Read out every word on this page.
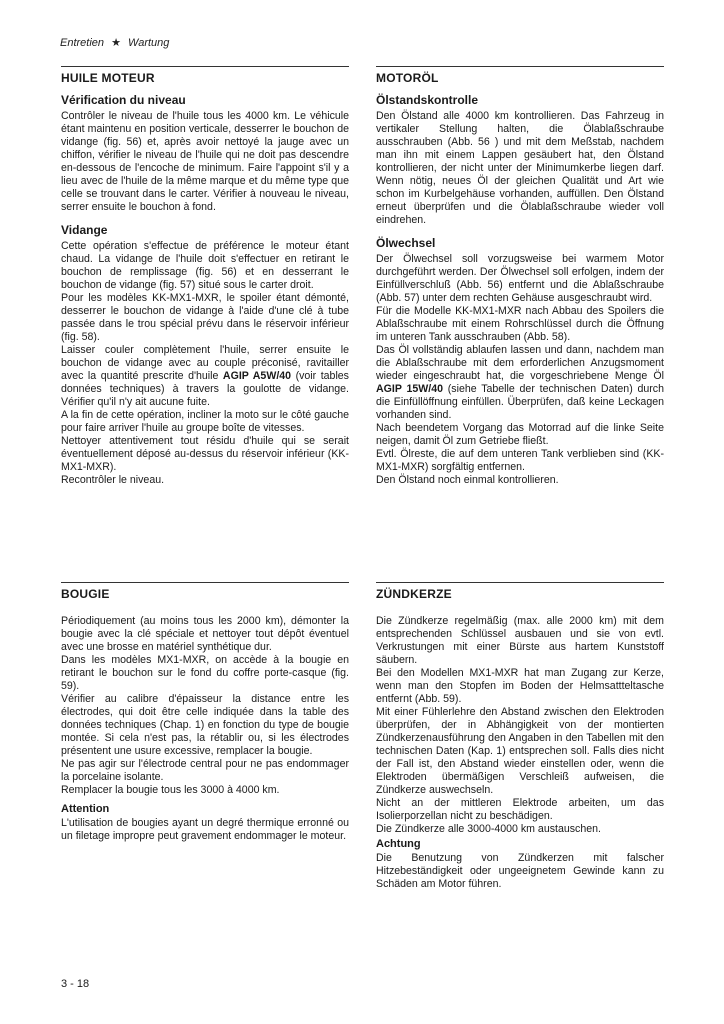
Entretien ★ Wartung
HUILE MOTEUR
Vérification du niveau

Contrôler le niveau de l'huile tous les 4000 km. Le véhicule étant maintenu en position verticale, desserrer le bouchon de vidange (fig. 56) et, après avoir nettoyé la jauge avec un chiffon, vérifier le niveau de l'huile qui ne doit pas descendre en-dessous de l'encoche de minimum. Faire l'appoint s'il y a lieu avec de l'huile de la même marque et du même type que celle se trouvant dans le carter. Vérifier à nouveau le niveau, serrer ensuite le bouchon à fond.

Vidange

Cette opération s'effectue de préférence le moteur étant chaud. La vidange de l'huile doit s'effectuer en retirant le bouchon de remplissage (fig. 56) et en desserrant le bouchon de vidange (fig. 57) situé sous le carter droit.

Pour les modèles KK-MX1-MXR, le spoiler étant démonté, desserrer le bouchon de vidange à l'aide d'une clé à tube passée dans le trou spécial prévu dans le réservoir inférieur (fig. 58).

Laisser couler complètement l'huile, serrer ensuite le bouchon de vidange avec au couple préconisé, ravitailler avec la quantité prescrite d'huile AGIP A5W/40 (voir tables données techniques) à travers la goulotte de vidange. Vérifier qu'il n'y ait aucune fuite.

A la fin de cette opération, incliner la moto sur le côté gauche pour faire arriver l'huile au groupe boîte de vitesses.

Nettoyer attentivement tout résidu d'huile qui se serait éventuellement déposé au-dessus du réservoir inférieur (KK-MX1-MXR).

Recontrôler le niveau.

BOUGIE

Périodiquement (au moins tous les 2000 km), démonter la bougie avec la clé spéciale et nettoyer tout dépôt éventuel avec une brosse en matériel synthétique dur.

Dans les modèles MX1-MXR, on accède à la bougie en retirant le bouchon sur le fond du coffre porte-casque (fig. 59).

Vérifier au calibre d'épaisseur la distance entre les électrodes, qui doit être celle indiquée dans la table des données techniques (Chap. 1) en fonction du type de bougie montée. Si cela n'est pas, la rétablir ou, si les électrodes présentent une usure excessive, remplacer la bougie.

Ne pas agir sur l'électrode central pour ne pas endommager la porcelaine isolante.

Remplacer la bougie tous les 3000 à 4000 km.

Attention

L'utilisation de bougies ayant un degré thermique erronné ou un filetage impropre peut gravement endommager le moteur.

MOTORÖL
Ölstandskontrolle

Den Ölstand alle 4000 km kontrollieren. Das Fahrzeug in vertikaler Stellung halten, die Ölablaßschraube ausschrauben (Abb. 56 ) und mit dem Meßstab, nachdem man ihn mit einem Lappen gesäubert hat, den Ölstand kontrollieren, der nicht unter der Minimumkerbe liegen darf. Wenn nötig, neues Öl der gleichen Qualität und Art wie schon im Kurbelgehäuse vorhanden, auffüllen. Den Ölstand erneut überprüfen und die Ölablaßschraube wieder voll eindrehen.

Ölwechsel

Der Ölwechsel soll vorzugsweise bei warmem Motor durchgeführt werden. Der Ölwechsel soll erfolgen, indem der Einfüllverschluß (Abb. 56) entfernt und die Ablaßschraube (Abb. 57) unter dem rechten Gehäuse ausgeschraubt wird.

Für die Modelle KK-MX1-MXR nach Abbau des Spoilers die Ablaßschraube mit einem Rohrschlüssel durch die Öffnung im unteren Tank ausschrauben (Abb. 58).

Das Öl vollständig ablaufen lassen und dann, nachdem man die Ablaßschraube mit dem erforderlichen Anzugsmoment wieder eingeschraubt hat, die vorgeschriebene Menge Öl AGIP 15W/40 (siehe Tabelle der technischen Daten) durch die Einfüllöffnung einfüllen. Überprüfen, daß keine Leckagen vorhanden sind.

Nach beendetem Vorgang das Motorrad auf die linke Seite neigen, damit Öl zum Getriebe fließt.

Evtl. Ölreste, die auf dem unteren Tank verblieben sind (KK-MX1-MXR) sorgfältig entfernen.

Den Ölstand noch einmal kontrollieren.

ZÜNDKERZE

Die Zündkerze regelmäßig (max. alle 2000 km) mit dem entsprechenden Schlüssel ausbauen und sie von evtl. Verkrustungen mit einer Bürste aus hartem Kunststoff säubern.

Bei den Modellen MX1-MXR hat man Zugang zur Kerze, wenn man den Stopfen im Boden der Helmsattteltasche entfernt (Abb. 59).

Mit einer Fühlerlehre den Abstand zwischen den Elektroden überprüfen, der in Abhängigkeit von der montierten Zündkerzenausführung den Angaben in den Tabellen mit den technischen Daten (Kap. 1) entsprechen soll. Falls dies nicht der Fall ist, den Abstand wieder einstellen oder, wenn die Elektroden übermäßigen Verschleiß aufweisen, die Zündkerze auswechseln.

Nicht an der mittleren Elektrode arbeiten, um das Isolierporzellan nicht zu beschädigen.

Die Zündkerze alle 3000-4000 km austauschen.

Achtung

Die Benutzung von Zündkerzen mit falscher Hitzebeständigkeit oder ungeeignetem Gewinde kann zu Schäden am Motor führen.

3 - 18
